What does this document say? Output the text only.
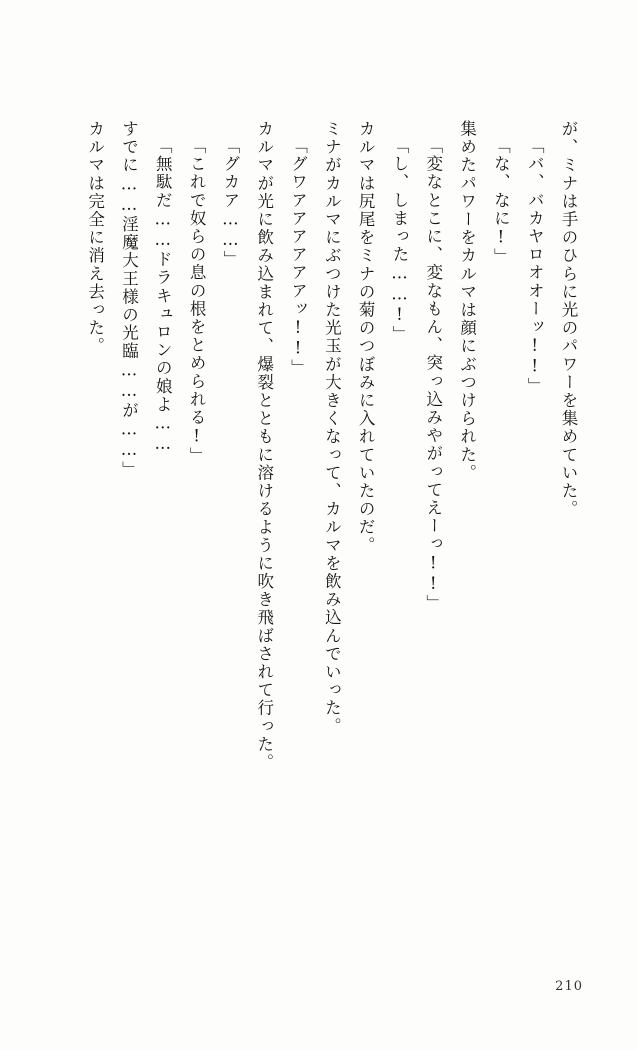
が、ミナは手のひらに光のパワーを集めていた。
「バ、バカヤロオオーッ!!」
「な、なに!」
集めたパワーをカルマは顔にぶつけられた。
「変なとこに、変なもん、突っ込みやがってえーっ!!」
「し、しまった……!」
カルマは尻尾をミナの菊のつぼみに入れていたのだ。
ミナがカルマにぶつけた光玉が大きくなって、カルマを飲み込んでいった。
「グワアアアアアアッ!!」
カルマが光に飲み込まれて、爆裂とともに溶けるように吹き飛ばされて行った。
「グカア……」
「これで奴らの息の根をとめられる!」
「無駄だ……ドラキュロンの娘よ……
すでに……淫魔大王様の光臨……が……」
カルマは完全に消え去った。
210
